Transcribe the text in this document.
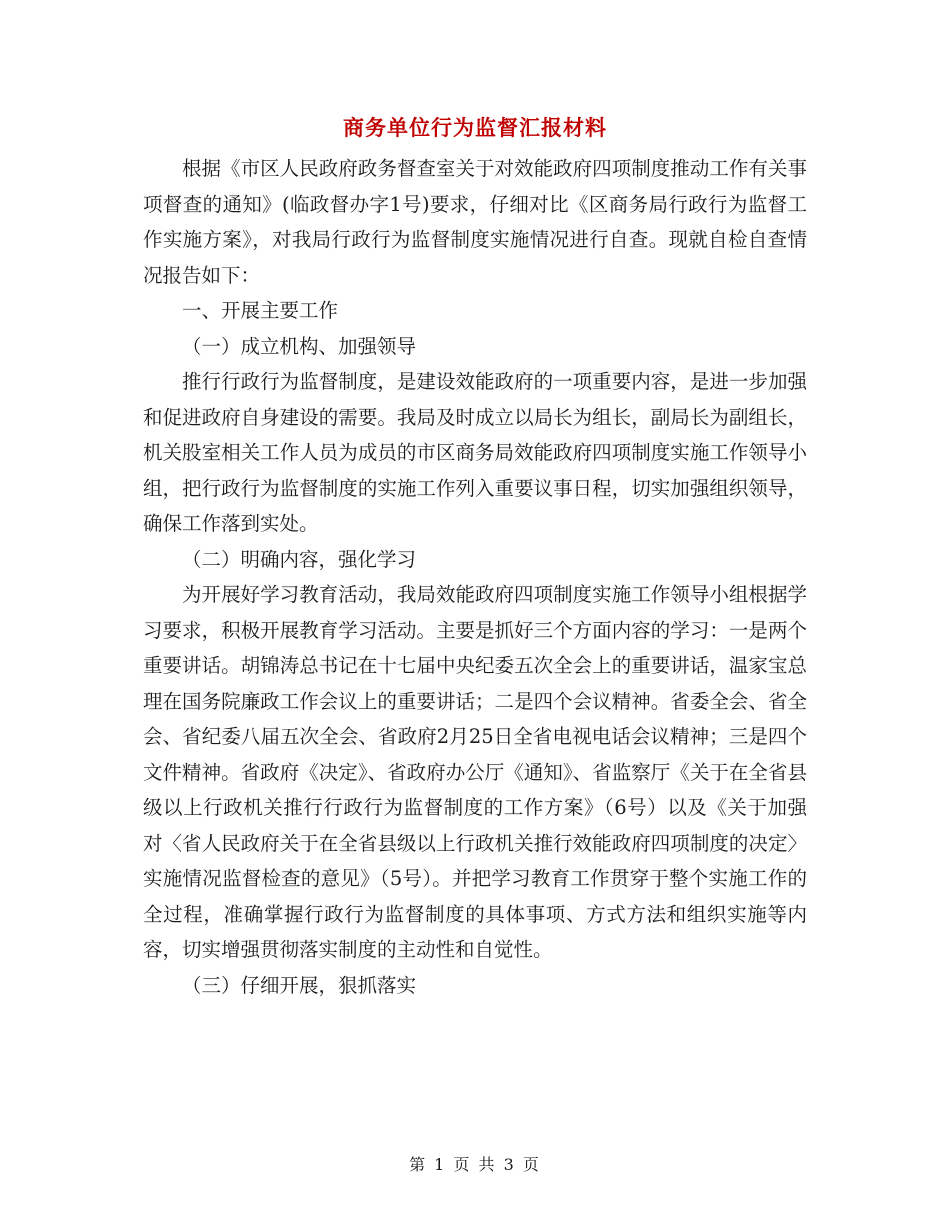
商务单位行为监督汇报材料

根据《市区人民政府政务督查室关于对效能政府四项制度推动工作有关事项督查的通知》(临政督办字1号)要求，仔细对比《区商务局行政行为监督工作实施方案》，对我局行政行为监督制度实施情况进行自查。现就自检自查情况报告如下：

一、开展主要工作

（一）成立机构、加强领导

推行行政行为监督制度，是建设效能政府的一项重要内容，是进一步加强和促进政府自身建设的需要。我局及时成立以局长为组长，副局长为副组长，机关股室相关工作人员为成员的市区商务局效能政府四项制度实施工作领导小组，把行政行为监督制度的实施工作列入重要议事日程，切实加强组织领导，确保工作落到实处。

（二）明确内容，强化学习

为开展好学习教育活动，我局效能政府四项制度实施工作领导小组根据学习要求，积极开展教育学习活动。主要是抓好三个方面内容的学习：一是两个重要讲话。胡锦涛总书记在十七届中央纪委五次全会上的重要讲话，温家宝总理在国务院廉政工作会议上的重要讲话；二是四个会议精神。省委全会、省全会、省纪委八届五次全会、省政府2月25日全省电视电话会议精神；三是四个文件精神。省政府《决定》、省政府办公厅《通知》、省监察厅《关于在全省县级以上行政机关推行行政行为监督制度的工作方案》（6号）以及《关于加强对〈省人民政府关于在全省县级以上行政机关推行效能政府四项制度的决定〉实施情况监督检查的意见》（5号）。并把学习教育工作贯穿于整个实施工作的全过程，准确掌握行政行为监督制度的具体事项、方式方法和组织实施等内容，切实增强贯彻落实制度的主动性和自觉性。

（三）仔细开展，狠抓落实

第 1 页 共 3 页
